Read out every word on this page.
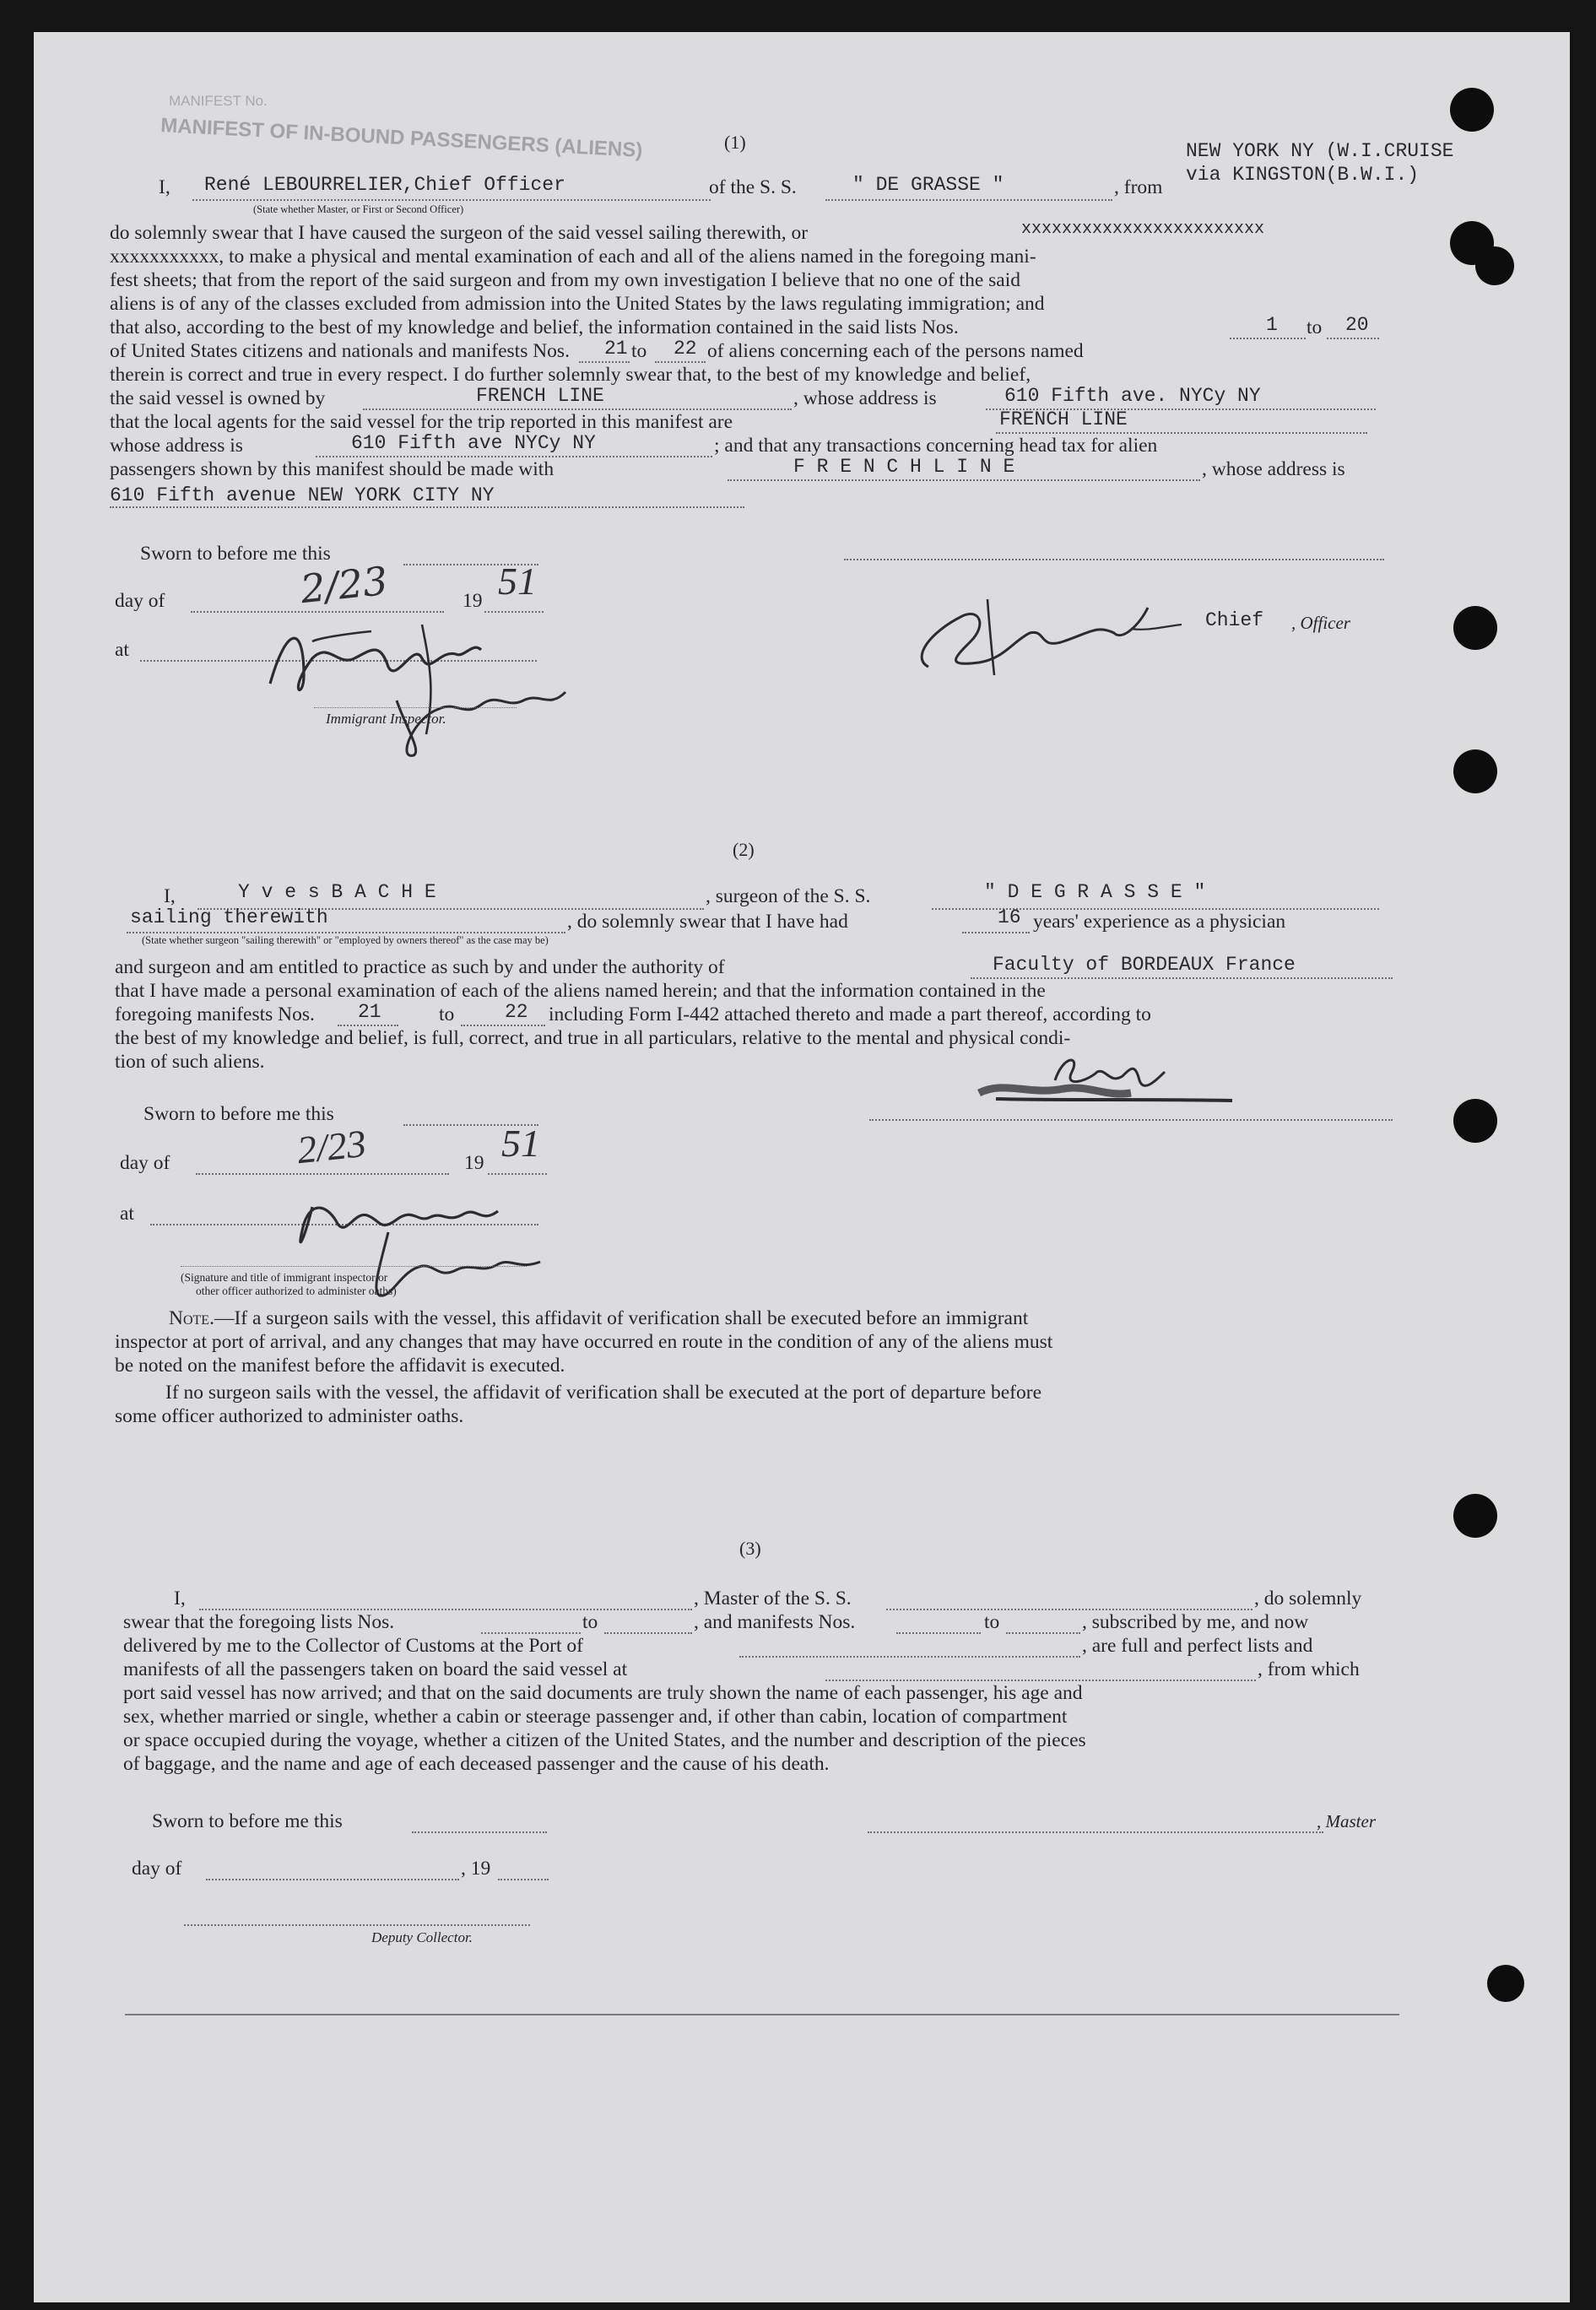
MANIFEST No.
MANIFEST OF IN-BOUND PASSENGERS (ALIENS)	NEW YORK NY (W.I.CRUISE
via KINGSTON(B.W.I.)
(1)
I, René LEBOURRELIER,Chief Officer	of the S. S.	" DE GRASSE "	, from
(State whether Master, or First or Second Officer)
xxxxxxxxxxxxxxxxxxxxxxxx
do solemnly swear that I have caused the surgeon of the said vessel sailing therewith, or
xxxxxxxxxxx, to make a physical and mental examination of each and all of the aliens named in the foregoing mani-
fest sheets; that from the report of the said surgeon and from my own investigation I believe that no one of the said
aliens is of any of the classes excluded from admission into the United States by the laws regulating immigration; and
that also, according to the best of my knowledge and belief, the information contained in the said lists Nos.	1 to 20
of United States citizens and nationals and manifests Nos. 21 to 22 of aliens concerning each of the persons named
therein is correct and true in every respect. I do further solemnly swear that, to the best of my knowledge and belief,
the said vessel is owned by	FRENCH LINE	, whose address is	610 Fifth ave. NYCy NY
that the local agents for the said vessel for the trip reported in this manifest are	FRENCH LINE
whose address is	610 Fifth ave NYCy NY	; and that any transactions concerning head tax for alien
passengers shown by this manifest should be made with	F R E N C H L I N E	, whose address is
610 Fifth avenue NEW YORK CITY NY
Sworn to before me this
day of	2/23	19 51
at
Immigrant Inspector.
Chief , Officer
(2)
I,	Y v e s B A C H E	, surgeon of the S. S.	" D E G R A S S E "
sailing therewith	, do solemnly swear that I have had	16 years' experience as a physician
(State whether surgeon "sailing therewith" or "employed by owners thereof" as the case may be)
and surgeon and am entitled to practice as such by and under the authority of	Faculty of BORDEAUX France
that I have made a personal examination of each of the aliens named herein; and that the information contained in the
foregoing manifests Nos. 21	to	22 including Form I-442 attached thereto and made a part thereof, according to
the best of my knowledge and belief, is full, correct, and true in all particulars, relative to the mental and physical condi-
tion of such aliens.
Sworn to before me this
day of	2/23	19 51
at
(Signature and title of immigrant inspector or
other officer authorized to administer oaths)
Note.—If a surgeon sails with the vessel, this affidavit of verification shall be executed before an immigrant
inspector at port of arrival, and any changes that may have occurred en route in the condition of any of the aliens must
be noted on the manifest before the affidavit is executed.
If no surgeon sails with the vessel, the affidavit of verification shall be executed at the port of departure before
some officer authorized to administer oaths.
(3)
I,	, Master of the S. S.	, do solemnly
swear that the foregoing lists Nos.	to	, and manifests Nos.	to	, subscribed by me, and now
delivered by me to the Collector of Customs at the Port of	, are full and perfect lists and
manifests of all the passengers taken on board the said vessel at	, from which
port said vessel has now arrived; and that on the said documents are truly shown the name of each passenger, his age and
sex, whether married or single, whether a cabin or steerage passenger and, if other than cabin, location of compartment
or space occupied during the voyage, whether a citizen of the United States, and the number and description of the pieces
of baggage, and the name and age of each deceased passenger and the cause of his death.
Sworn to before me this	, Master
day of	, 19
Deputy Collector.
